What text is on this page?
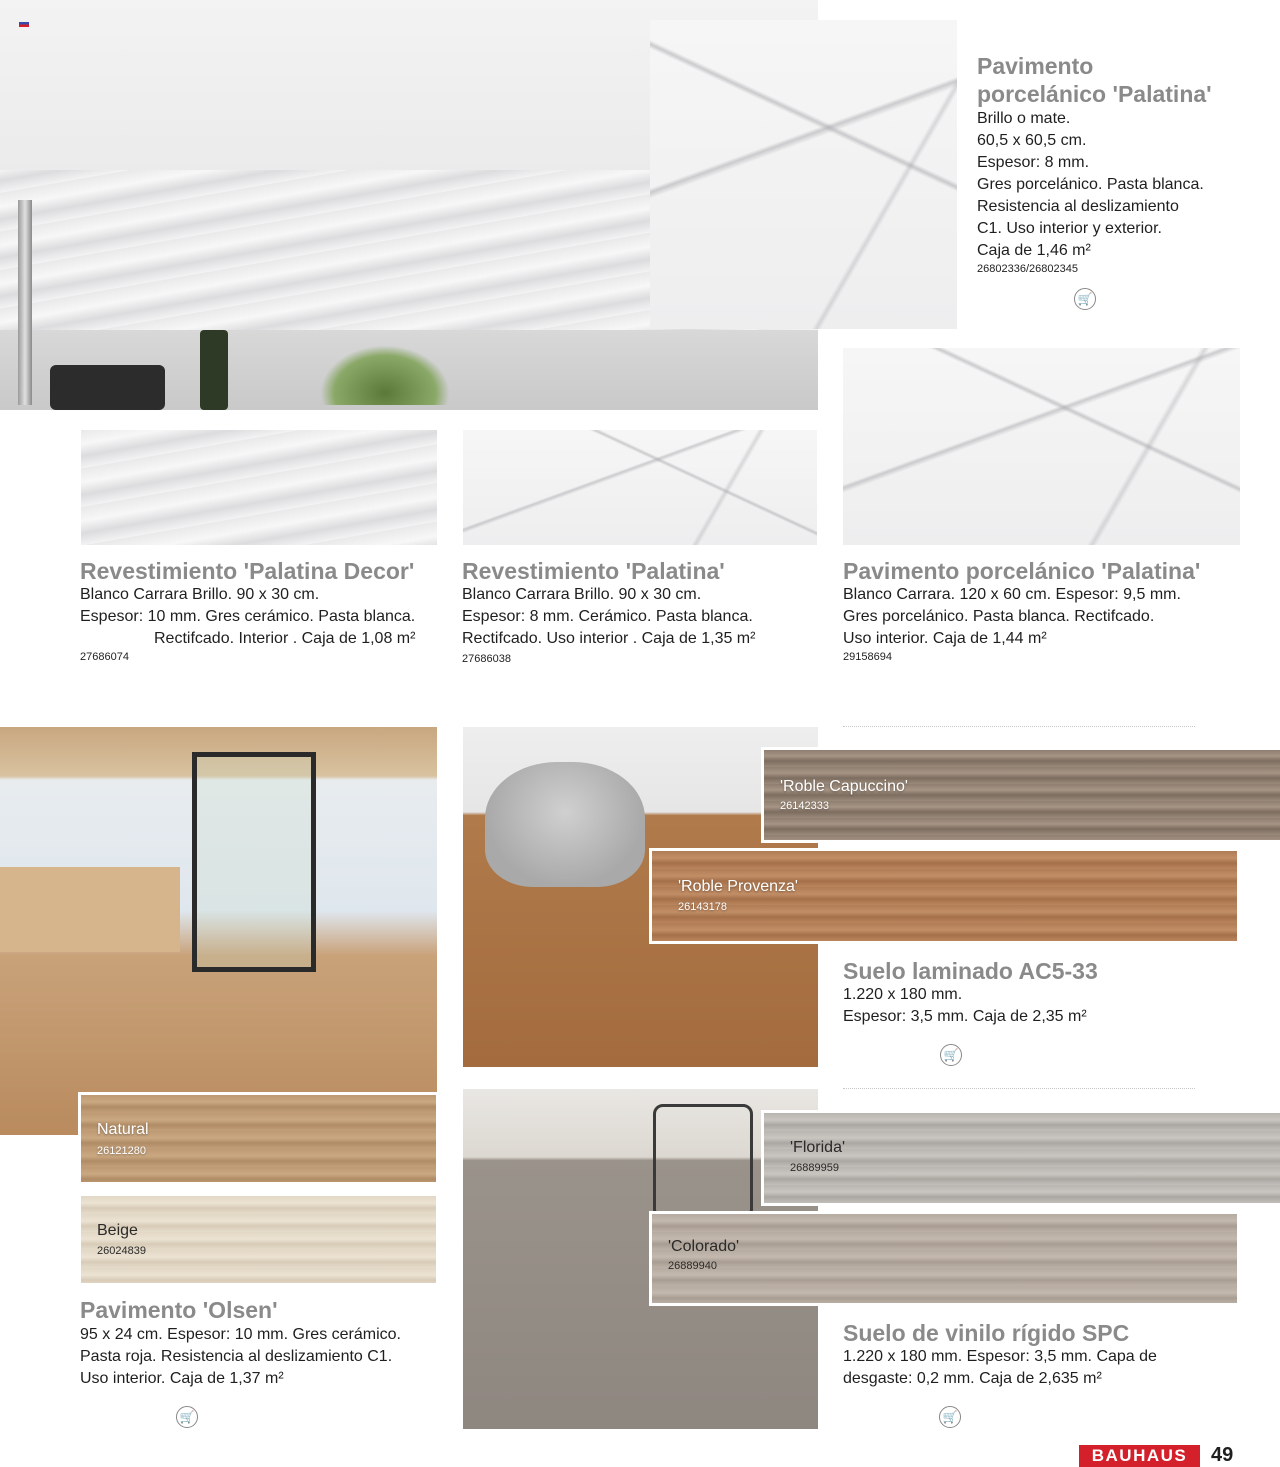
Pavimento
porcelánico 'Palatina'
Brillo o mate.
60,5 x 60,5 cm.
Espesor: 8 mm.
Gres porcelánico. Pasta blanca.
Resistencia al deslizamiento
C1. Uso interior y exterior.
Caja de 1,46 m²
26802336/26802345
🛒
Revestimiento 'Palatina Decor'
Blanco Carrara Brillo. 90 x 30 cm.
Espesor: 10 mm. Gres cerámico. Pasta blanca.
Rectifcado. Interior . Caja de 1,08 m²
27686074
Revestimiento 'Palatina'
Blanco Carrara Brillo. 90 x 30 cm.
Espesor: 8 mm. Cerámico. Pasta blanca.
Rectifcado. Uso interior . Caja de 1,35 m²
27686038
Pavimento porcelánico 'Palatina'
Blanco Carrara. 120 x 60 cm. Espesor: 9,5 mm.
Gres porcelánico. Pasta blanca. Rectifcado.
Uso interior. Caja de 1,44 m²
29158694
'Roble Capuccino'
26142333
'Roble Provenza'
26143178
Suelo laminado AC5-33
1.220 x 180 mm.
Espesor: 3,5 mm. Caja de 2,35 m²
🛒
Natural
26121280
Beige
26024839
Pavimento 'Olsen'
95 x 24 cm. Espesor: 10 mm. Gres cerámico.
Pasta roja. Resistencia al deslizamiento C1.
Uso interior. Caja de 1,37 m²
🛒
'Florida'
26889959
'Colorado'
26889940
Suelo de vinilo rígido SPC
1.220 x 180 mm. Espesor: 3,5 mm. Capa de
desgaste: 0,2 mm. Caja de 2,635 m²
🛒
BAUHAUS 49
